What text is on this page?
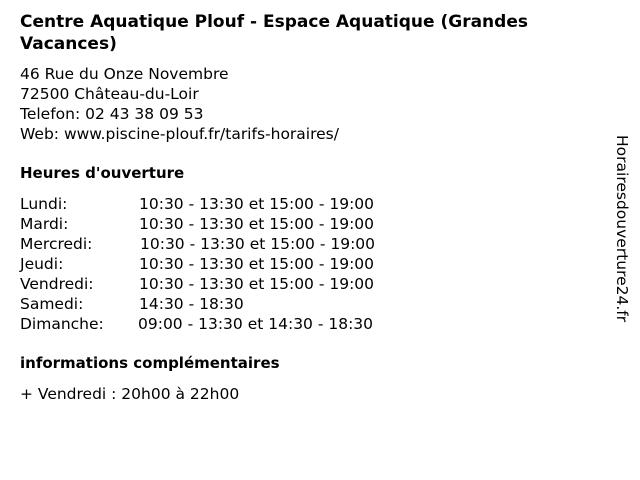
Centre Aquatique Plouf - Espace Aquatique (Grandes Vacances)
46 Rue du Onze Novembre
72500 Château-du-Loir
Telefon: 02 43 38 09 53
Web: www.piscine-plouf.fr/tarifs-horaires/
Heures d'ouverture
Lundi:	10:30 - 13:30 et 15:00 - 19:00
Mardi:	10:30 - 13:30 et 15:00 - 19:00
Mercredi:	10:30 - 13:30 et 15:00 - 19:00
Jeudi:	10:30 - 13:30 et 15:00 - 19:00
Vendredi:	10:30 - 13:30 et 15:00 - 19:00
Samedi:	14:30 - 18:30
Dimanche: 09:00 - 13:30 et 14:30 - 18:30
informations complémentaires
+ Vendredi : 20h00 à 22h00
Horairesdouverture24.fr
